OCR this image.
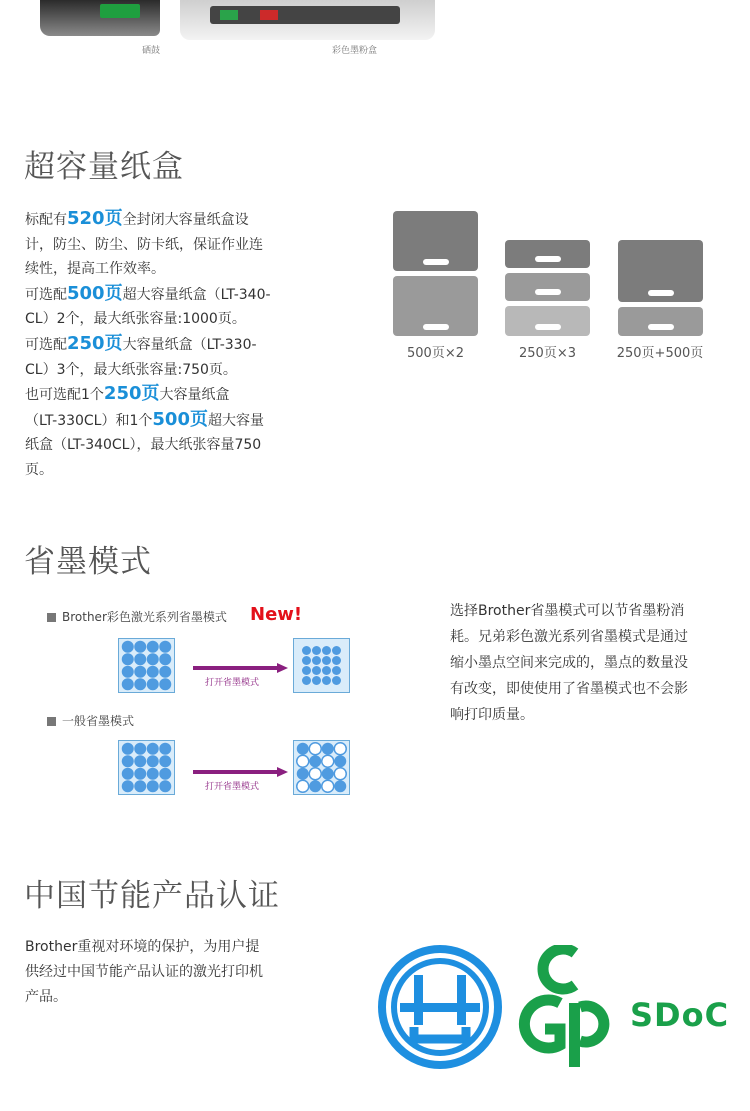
硒鼓	彩色墨粉盒
超容量纸盒
标配有520页全封闭大容量纸盒设
计，防尘、防尘、防卡纸，保证作业连
续性，提高工作效率。
可选配500页超大容量纸盒（LT-340-
CL）2个，最大纸张容量:1000页。
可选配250页大容量纸盒（LT-330-
CL）3个，最大纸张容量:750页。
也可选配1个250页大容量纸盒
（LT-330CL）和1个500页超大容量
纸盒（LT-340CL），最大纸张容量750
页。
500页×2	250页×3	250页+500页
省墨模式
Brother彩色激光系列省墨模式 New!
打开省墨模式
一般省墨模式
打开省墨模式
选择Brother省墨模式可以节省墨粉消
耗。兄弟彩色激光系列省墨模式是通过
缩小墨点空间来完成的，墨点的数量没
有改变，即使使用了省墨模式也不会影
响打印质量。
中国节能产品认证
Brother重视对环境的保护，为用户提
供经过中国节能产品认证的激光打印机
产品。	SDoC
